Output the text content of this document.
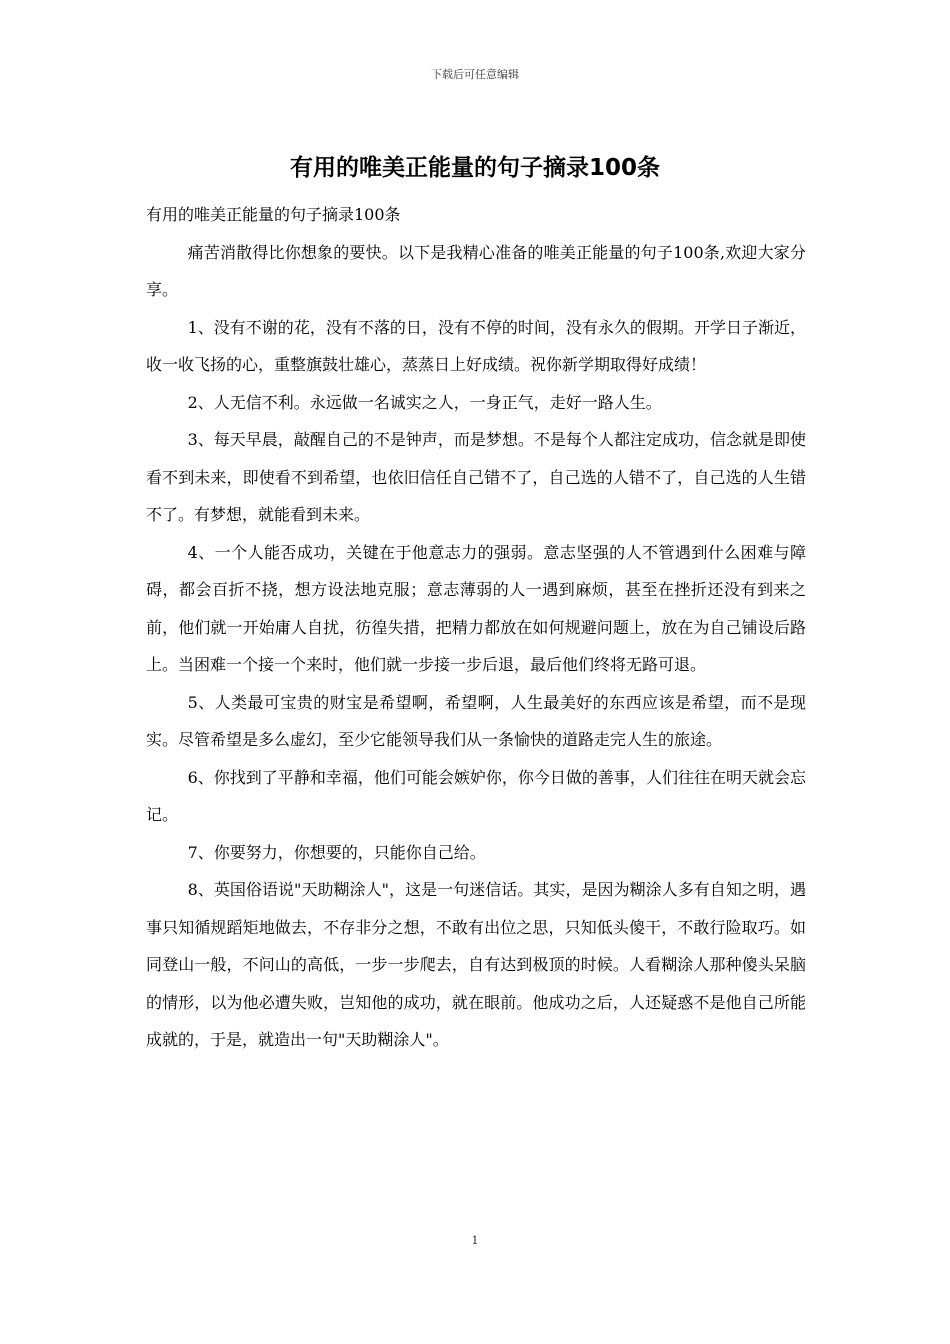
下载后可任意编辑
有用的唯美正能量的句子摘录100条

有用的唯美正能量的句子摘录100条

痛苦消散得比你想象的要快。以下是我精心准备的唯美正能量的句子100条,欢迎大家分享。

1、没有不谢的花，没有不落的日，没有不停的时间，没有永久的假期。开学日子渐近，收一收飞扬的心，重整旗鼓壮雄心，蒸蒸日上好成绩。祝你新学期取得好成绩！

2、人无信不利。永远做一名诚实之人，一身正气，走好一路人生。

3、每天早晨，敲醒自己的不是钟声，而是梦想。不是每个人都注定成功，信念就是即使看不到未来，即使看不到希望，也依旧信任自己错不了，自己选的人错不了，自己选的人生错不了。有梦想，就能看到未来。

4、一个人能否成功，关键在于他意志力的强弱。意志坚强的人不管遇到什么困难与障碍，都会百折不挠，想方设法地克服；意志薄弱的人一遇到麻烦，甚至在挫折还没有到来之前，他们就一开始庸人自扰，彷徨失措，把精力都放在如何规避问题上，放在为自己铺设后路上。当困难一个接一个来时，他们就一步接一步后退，最后他们终将无路可退。

5、人类最可宝贵的财宝是希望啊，希望啊，人生最美好的东西应该是希望，而不是现实。尽管希望是多么虚幻，至少它能领导我们从一条愉快的道路走完人生的旅途。

6、你找到了平静和幸福，他们可能会嫉妒你，你今日做的善事，人们往往在明天就会忘记。

7、你要努力，你想要的，只能你自己给。

8、英国俗语说"天助糊涂人"，这是一句迷信话。其实，是因为糊涂人多有自知之明，遇事只知循规蹈矩地做去，不存非分之想，不敢有出位之思，只知低头傻干，不敢行险取巧。如同登山一般，不问山的高低，一步一步爬去，自有达到极顶的时候。人看糊涂人那种傻头呆脑的情形，以为他必遭失败，岂知他的成功，就在眼前。他成功之后，人还疑惑不是他自己所能成就的，于是，就造出一句"天助糊涂人"。

1
